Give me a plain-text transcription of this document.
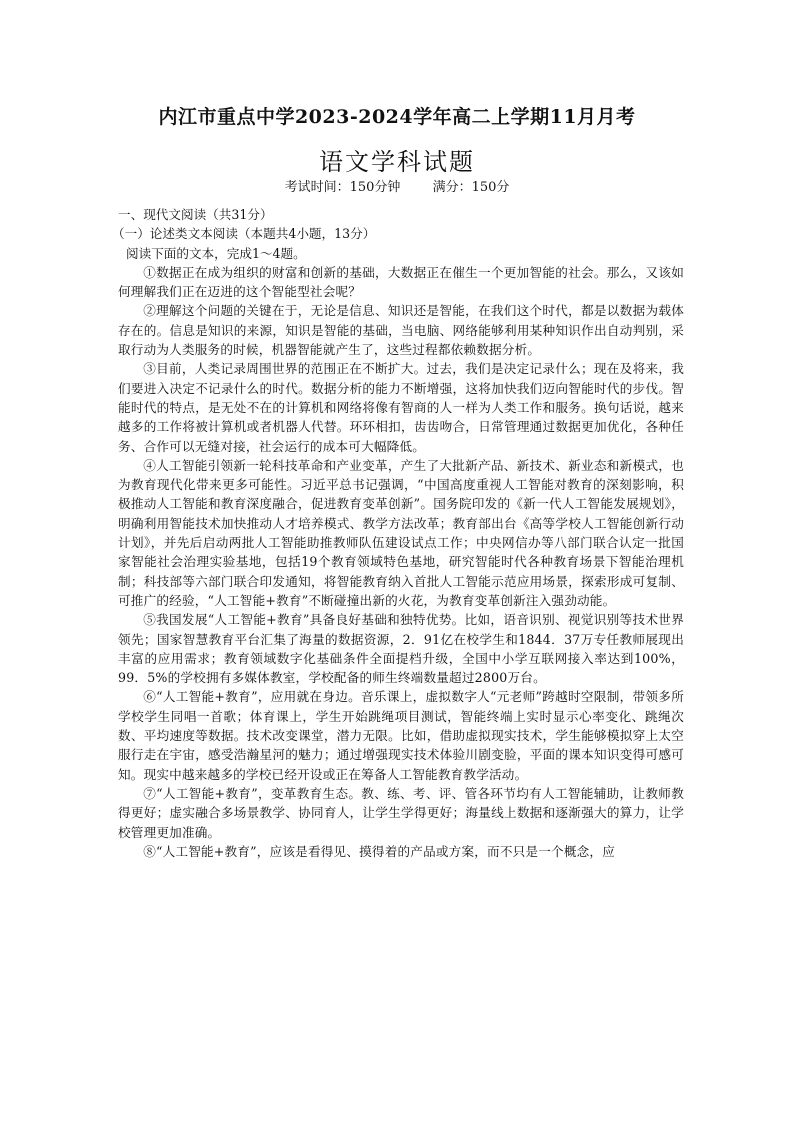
内江市重点中学2023-2024学年高二上学期11月月考
语文学科试题
考试时间：150分钟 满分：150分

一、现代文阅读（共31分）

（一）论述类文本阅读（本题共4小题，13分）

阅读下面的文本，完成1～4题。

①数据正在成为组织的财富和创新的基础，大数据正在催生一个更加智能的社会。那么，又该如何理解我们正在迈进的这个智能型社会呢？

②理解这个问题的关键在于，无论是信息、知识还是智能，在我们这个时代，都是以数据为载体存在的。信息是知识的来源，知识是智能的基础，当电脑、网络能够利用某种知识作出自动判别，采取行动为人类服务的时候，机器智能就产生了，这些过程都依赖数据分析。

③目前，人类记录周围世界的范围正在不断扩大。过去，我们是决定记录什么；现在及将来，我们要进入决定不记录什么的时代。数据分析的能力不断增强，这将加快我们迈向智能时代的步伐。智能时代的特点，是无处不在的计算机和网络将像有智商的人一样为人类工作和服务。换句话说，越来越多的工作将被计算机或者机器人代替。环环相扣，齿齿吻合，日常管理通过数据更加优化，各种任务、合作可以无缝对接，社会运行的成本可大幅降低。

④人工智能引领新一轮科技革命和产业变革，产生了大批新产品、新技术、新业态和新模式，也为教育现代化带来更多可能性。习近平总书记强调，“中国高度重视人工智能对教育的深刻影响，积极推动人工智能和教育深度融合，促进教育变革创新”。国务院印发的《新一代人工智能发展规划》，明确利用智能技术加快推动人才培养模式、教学方法改革；教育部出台《高等学校人工智能创新行动计划》，并先后启动两批人工智能助推教师队伍建设试点工作；中央网信办等八部门联合认定一批国家智能社会治理实验基地，包括19个教育领域特色基地，研究智能时代各种教育场景下智能治理机制；科技部等六部门联合印发通知，将智能教育纳入首批人工智能示范应用场景，探索形成可复制、可推广的经验，“人工智能+教育”不断碰撞出新的火花，为教育变革创新注入强劲动能。

⑤我国发展“人工智能+教育”具备良好基础和独特优势。比如，语音识别、视觉识别等技术世界领先；国家智慧教育平台汇集了海量的数据资源，2．91亿在校学生和1844．37万专任教师展现出丰富的应用需求；教育领域数字化基础条件全面提档升级，全国中小学互联网接入率达到100%，99．5%的学校拥有多媒体教室，学校配备的师生终端数量超过2800万台。

⑥“人工智能+教育”，应用就在身边。音乐课上，虚拟数字人“元老师”跨越时空限制，带领多所学校学生同唱一首歌；体育课上，学生开始跳绳项目测试，智能终端上实时显示心率变化、跳绳次数、平均速度等数据。技术改变课堂，潜力无限。比如，借助虚拟现实技术，学生能够模拟穿上太空服行走在宇宙，感受浩瀚星河的魅力；通过增强现实技术体验川剧变脸，平面的课本知识变得可感可知。现实中越来越多的学校已经开设或正在筹备人工智能教育教学活动。

⑦“人工智能+教育”，变革教育生态。教、练、考、评、管各环节均有人工智能辅助，让教师教得更好；虚实融合多场景教学、协同育人，让学生学得更好；海量线上数据和逐渐强大的算力，让学校管理更加准确。

⑧“人工智能+教育”，应该是看得见、摸得着的产品或方案，而不只是一个概念，应
